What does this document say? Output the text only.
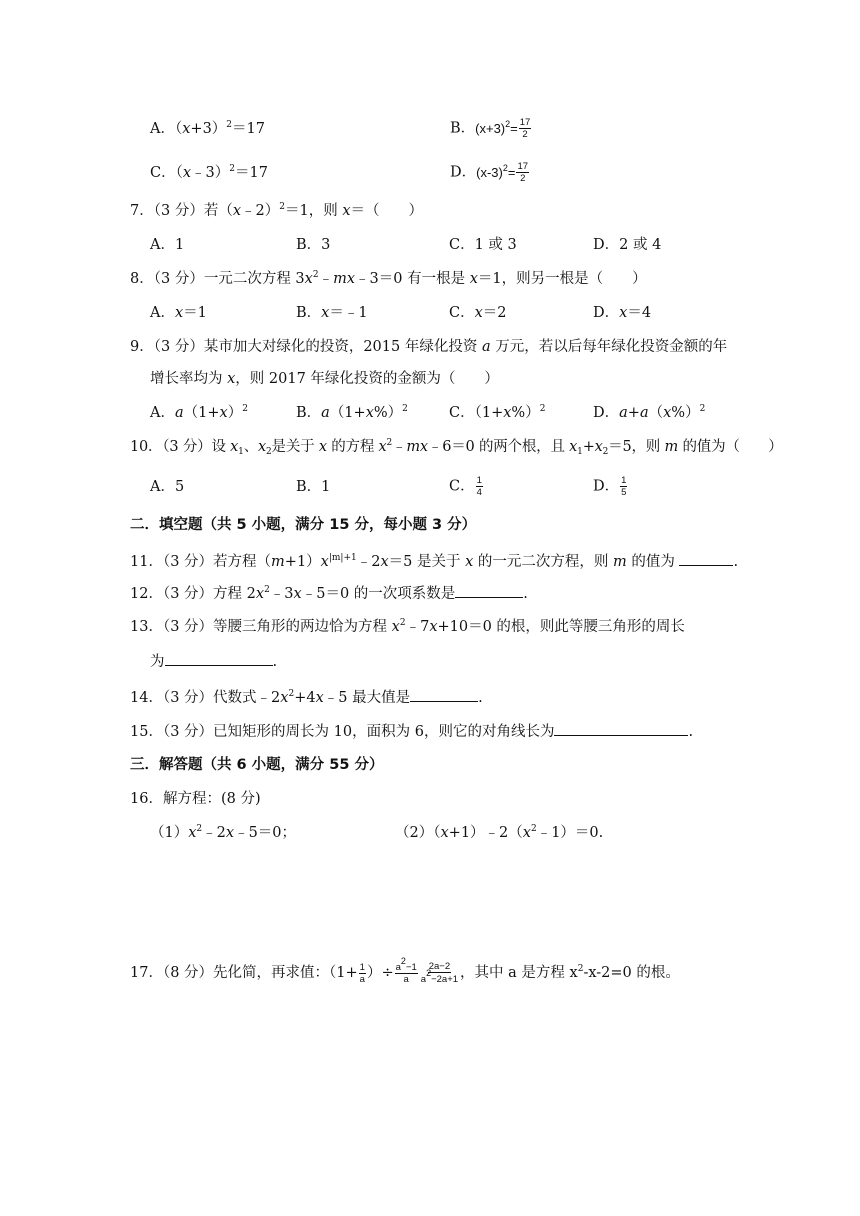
A．$(x+3)^2=17$	B．$(x+3)^2= \frac{17}{2}$
C．（x﹣3）$^2$＝17	D．$(x-3)^2= \frac{17}{2}$
7．（3 分）若（x﹣2）$^2$＝1，则 x＝（　　）
A．1	B．3	C．1 或 3	D．2 或 4
8．（3 分）一元二次方程 $3x^2﹣mx﹣3=0$ 有一根是 x＝1，则另一根是（　　）
A．x＝1	B．x＝﹣1	C．x＝2	D．x＝4
9．（3 分）某市加大对绿化的投资，2015 年绿化投资 a 万元，若以后每年绿化投资金额的年
增长率均为 x，则 2017 年绿化投资的金额为（　　）
A．$a(1+x)^2$	B．$a(1+x\%)^2$	C．$(1+x\%)^2$	D．$a+a(x\%)^2$
10．（3 分）设 $x_1$、$x_2$是关于 x 的方程 $x^2﹣mx﹣6=0$ 的两个根，且 $x_1+x_2=5$，则 m 的值为（　　）
A．5	B．1	C． $\frac{1}{4}$	D． $\frac{1}{5}$
二．填空题（共 5 小题，满分 15 分，每小题 3 分）
11．（3 分）若方程$(m+1)x^{|m|+1}﹣2x=5$ 是关于 x 的一元二次方程，则 m 的值为	.
12．（3 分）方程 $2x^2﹣3x﹣5=0$ 的一次项系数是	.
13．（3 分）等腰三角形的两边恰为方程 $x^2﹣7x+10=0$ 的根，则此等腰三角形的周长
为	.
14．（3 分）代数式$﹣2x^2+4x﹣5$ 最大值是	.
15．（3 分）已知矩形的周长为 10，面积为 6，则它的对角线长为	.
三．解答题（共 6 小题，满分 55 分）
16．解方程：(8 分)
$(1)x^2﹣2x﹣5=0$；	$(2)(x+1)﹣2(x^2﹣1)=0$.
17．（8 分）先化简，再求值：（$1+ \frac{1}{a}$ ）÷ $\frac{a^2-1}{a} \frac{2a-2}{a^2-2a+1}$ ，其中 a 是方程 $x^2-x-2=0$ 的根。
